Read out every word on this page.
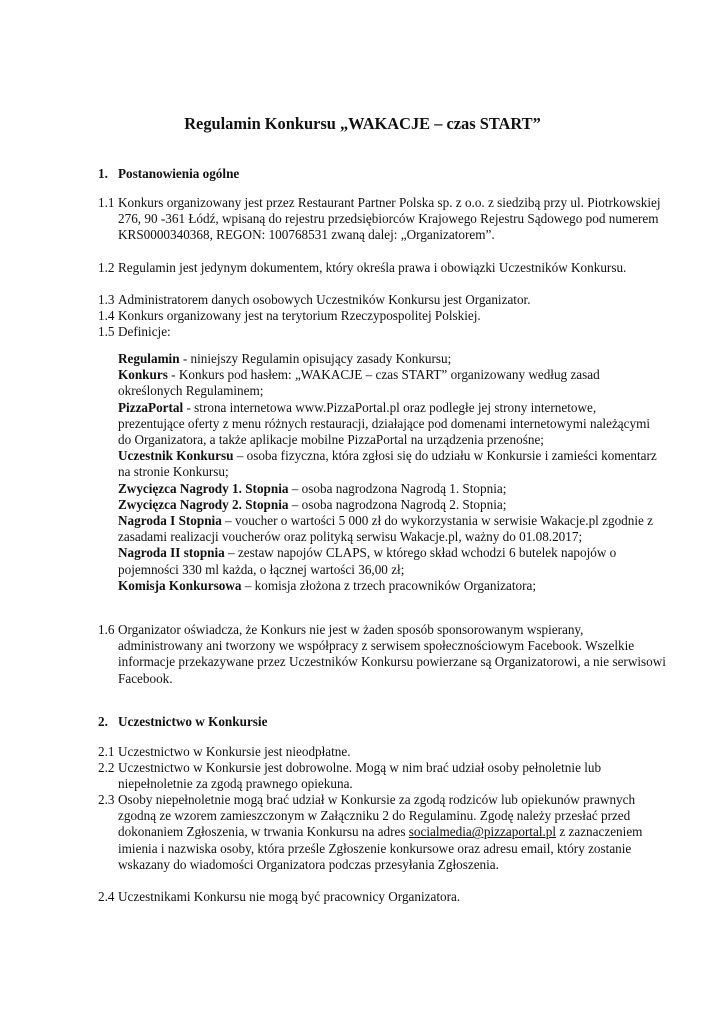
Regulamin Konkursu „WAKACJE – czas START”
1. Postanowienia ogólne
1.1 Konkurs organizowany jest przez Restaurant Partner Polska sp. z o.o. z siedzibą przy ul. Piotrkowskiej 276, 90 -361 Łódź, wpisaną do rejestru przedsiębiorców Krajowego Rejestru Sądowego pod numerem KRS0000340368, REGON: 100768531 zwaną dalej: „Organizatorem”.
1.2 Regulamin jest jedynym dokumentem, który określa prawa i obowiązki Uczestników Konkursu.
1.3 Administratorem danych osobowych Uczestników Konkursu jest Organizator.
1.4 Konkurs organizowany jest na terytorium Rzeczypospolitej Polskiej.
1.5 Definicje:
Regulamin - niniejszy Regulamin opisujący zasady Konkursu;
Konkurs - Konkurs pod hasłem: „WAKACJE – czas START” organizowany według zasad określonych Regulaminem;
PizzaPortal - strona internetowa www.PizzaPortal.pl oraz podległe jej strony internetowe, prezentujące oferty z menu różnych restauracji, działające pod domenami internetowymi należącymi do Organizatora, a także aplikacje mobilne PizzaPortal na urządzenia przenośne;
Uczestnik Konkursu – osoba fizyczna, która zgłosi się do udziału w Konkursie i zamieści komentarz na stronie Konkursu;
Zwycięzca Nagrody 1. Stopnia – osoba nagrodzona Nagrodą 1. Stopnia;
Zwycięzca Nagrody 2. Stopnia – osoba nagrodzona Nagrodą 2. Stopnia;
Nagroda I Stopnia – voucher o wartości 5 000 zł do wykorzystania w serwisie Wakacje.pl zgodnie z zasadami realizacji voucherów oraz polityką serwisu Wakacje.pl, ważny do 01.08.2017;
Nagroda II stopnia – zestaw napojów CLAPS, w którego skład wchodzi 6 butelek napojów o pojemności 330 ml każda, o łącznej wartości 36,00 zł;
Komisja Konkursowa – komisja złożona z trzech pracowników Organizatora;
1.6 Organizator oświadcza, że Konkurs nie jest w żaden sposób sponsorowanym wspierany, administrowany ani tworzony we współpracy z serwisem społecznościowym Facebook. Wszelkie informacje przekazywane przez Uczestników Konkursu powierzane są Organizatorowi, a nie serwisowi Facebook.
2. Uczestnictwo w Konkursie
2.1 Uczestnictwo w Konkursie jest nieodpłatne.
2.2 Uczestnictwo w Konkursie jest dobrowolne. Mogą w nim brać udział osoby pełnoletnie lub niepełnoletnie za zgodą prawnego opiekuna.
2.3 Osoby niepełnoletnie mogą brać udział w Konkursie za zgodą rodziców lub opiekunów prawnych zgodną ze wzorem zamieszczonym w Załączniku 2 do Regulaminu. Zgodę należy przesłać przed dokonaniem Zgłoszenia, w trwania Konkursu na adres socialmedia@pizzaportal.pl z zaznaczeniem imienia i nazwiska osoby, która prześle Zgłoszenie konkursowe oraz adresu email, który zostanie wskazany do wiadomości Organizatora podczas przesyłania Zgłoszenia.
2.4 Uczestnikami Konkursu nie mogą być pracownicy Organizatora.
